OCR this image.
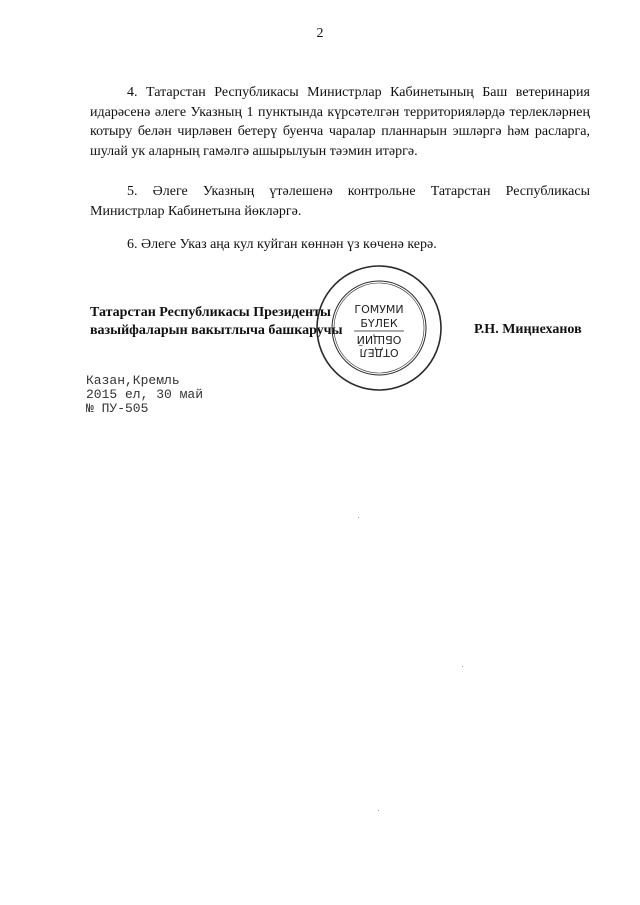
2

4. Татарстан Республикасы Министрлар Кабинетының Баш ветеринария идарәсенә әлеге Указның 1 пунктында күрсәтелгән территорияләрдә терлекләрнең котыру белән чирләвен бетерү буенча чаралар планнарын эшләргә һәм расларга, шулай ук аларның гамәлгә ашырылуын тәэмин итәргә.

5. Әлеге Указның үтәлешенә контрольне Татарстан Республикасы Министрлар Кабинетына йөкләргә.

6. Әлеге Указ аңа кул куйган көннән үз көченә керә.

Татарстан Республикасы Президенты
вазыйфаларын вакытлыча башкаручы	Р.Н. Миңнеханов
ГОМУМИ
БҮЛЕК
ОТДЕЛ
ОБЩИЙ
Казан,Кремль
2015 ел, 30 май
№ ПУ-505
